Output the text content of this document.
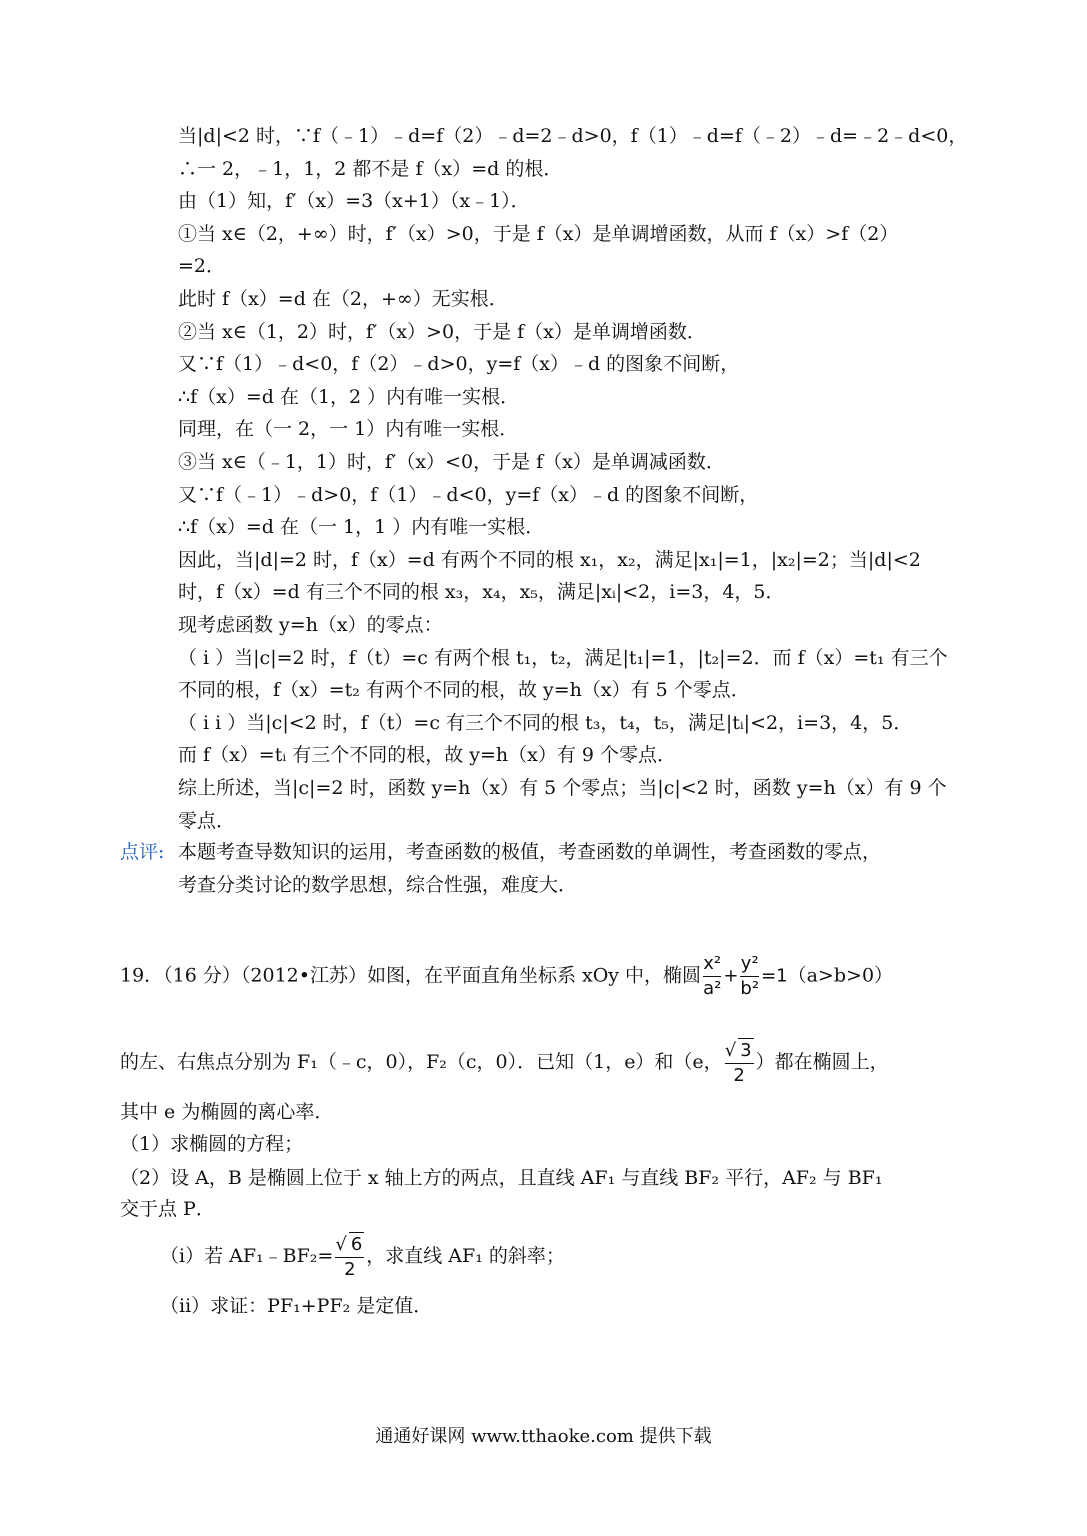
当|d|<2 时，∵f（﹣1）﹣d=f（2）﹣d=2﹣d>0，f（1）﹣d=f（﹣2）﹣d=﹣2﹣d<0，
∴一 2，﹣1，1，2 都不是 f（x）=d 的根．
由（1）知，f′（x）=3（x+1）（x﹣1）．
①当 x∈（2，+∞）时，f′（x）>0，于是 f（x）是单调增函数，从而 f（x）>f（2）
=2．
此时 f（x）=d 在（2，+∞）无实根．
②当 x∈（1，2）时，f′（x）>0，于是 f（x）是单调增函数．
又∵f（1）﹣d<0，f（2）﹣d>0，y=f（x）﹣d 的图象不间断，
∴f（x）=d 在（1，2 ）内有唯一实根．
同理，在（一 2，一 1）内有唯一实根．
③当 x∈（﹣1，1）时，f′（x）<0，于是 f（x）是单调减函数．
又∵f（﹣1）﹣d>0，f（1）﹣d<0，y=f（x）﹣d 的图象不间断，
∴f（x）=d 在（一 1，1 ）内有唯一实根．
因此，当|d|=2 时，f（x）=d 有两个不同的根 x₁，x₂，满足|x₁|=1，|x₂|=2；当|d|<2
时，f（x）=d 有三个不同的根 x₃，x₄，x₅，满足|xᵢ|<2，i=3，4，5．
现考虑函数 y=h（x）的零点：
（ i ）当|c|=2 时，f（t）=c 有两个根 t₁，t₂，满足|t₁|=1，|t₂|=2．而 f（x）=t₁ 有三个
不同的根，f（x）=t₂ 有两个不同的根，故 y=h（x）有 5 个零点．
（ i i ）当|c|<2 时，f（t）=c 有三个不同的根 t₃，t₄，t₅，满足|tᵢ|<2，i=3，4，5．
而 f（x）=tᵢ 有三个不同的根，故 y=h（x）有 9 个零点．
综上所述，当|c|=2 时，函数 y=h（x）有 5 个零点；当|c|<2 时，函数 y=h（x）有 9 个
零点．
点评: 本题考查导数知识的运用，考查函数的极值，考查函数的单调性，考查函数的零点，
考查分类讨论的数学思想，综合性强，难度大．
19．（16 分）（2012•江苏）如图，在平面直角坐标系 xOy 中，椭圆 $\frac{\text{x²}}{\text{a²}} + \frac{\text{y²}}{\text{b²}} =1(a>b>0)$
的左、右焦点分别为 F₁（﹣c，0），F₂（c，0）．已知（1，e）和（e， $\frac{√ 3}{2}$ ）都在椭圆上，
其中 e 为椭圆的离心率．
（1）求椭圆的方程；
（2）设 A，B 是椭圆上位于 x 轴上方的两点，且直线 AF₁ 与直线 BF₂ 平行，AF₂ 与 BF₁
交于点 P．
（i）若 AF₁﹣BF₂= $\frac{√ 6}{2}$ ，求直线 AF₁ 的斜率；
（ii）求证：PF₁+PF₂ 是定值．
通通好课网 www.tthaoke.com 提供下载
